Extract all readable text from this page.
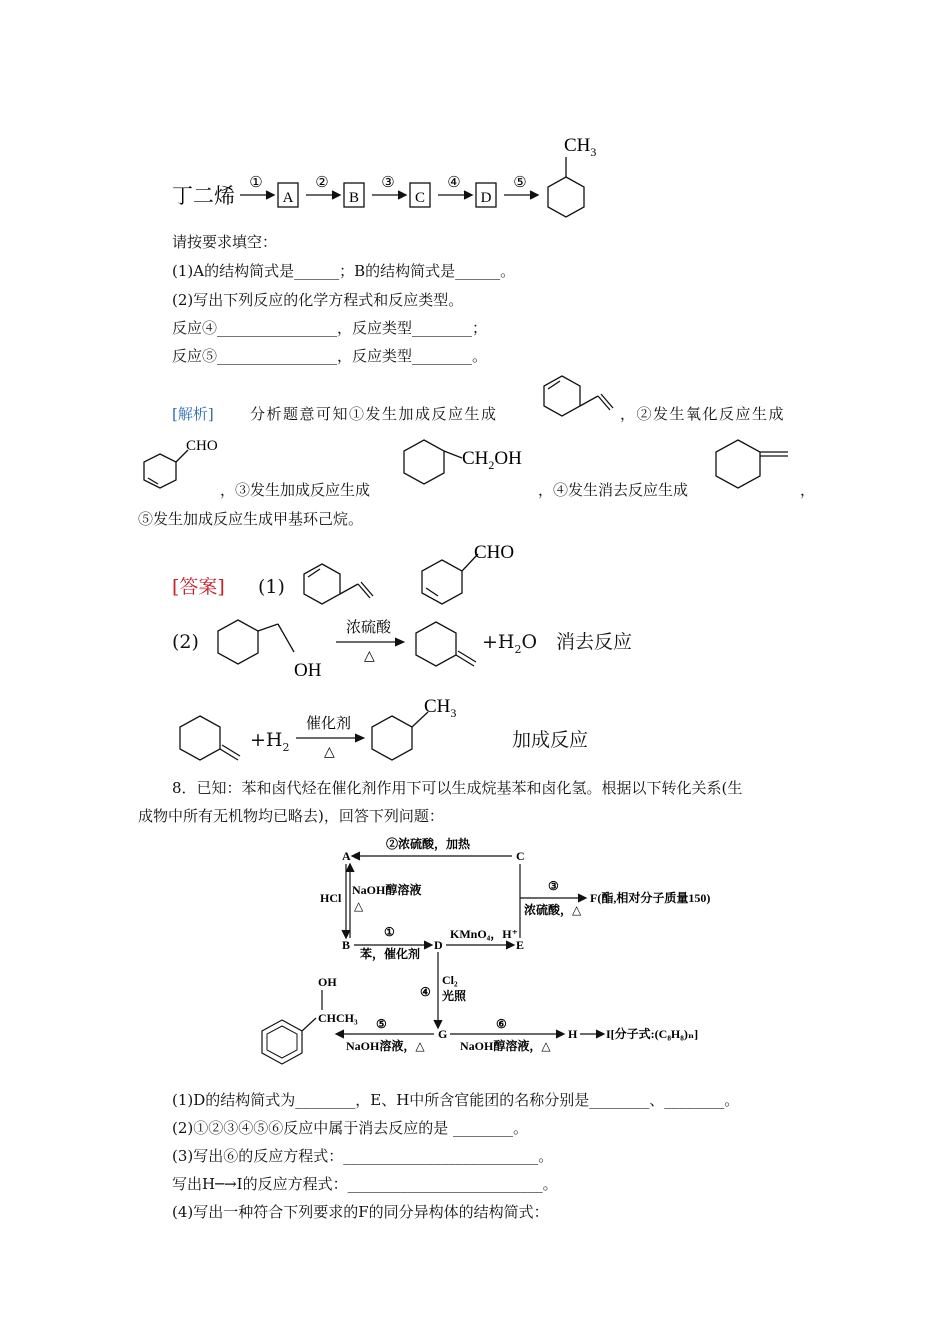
丁二烯
①	②	③	④	⑤
A	B	C	D
$CH_3$
请按要求填空：
(1)A的结构简式是______；B的结构简式是______。
(2)写出下列反应的化学方程式和反应类型。
反应④________________，反应类型________；
反应⑤________________，反应类型________。
[解析] 分析题意可知①发生加成反应生成	，②发生氧化反应生成
CHO
，③发生加成反应生成
$CH_2OH$
，④发生消去反应生成	，
⑤发生加成反应生成甲基环己烷。
[答案] (1)
CHO
(2)
OH
浓硫酸
△
$+H_2O$ 消去反应
$+H_2$
催化剂
△
$CH_3$
加成反应
8．已知：苯和卤代烃在催化剂作用下可以生成烷基苯和卤化氢。根据以下转化关系(生
成物中所有无机物均已略去)，回答下列问题：
A	C
B	D	E
F(酯,相对分子质量150)
G	H I[分子式:(C₈H₈)ₙ]
②浓硫酸，加热
HCl
NaOH醇溶液
△
①
苯，催化剂
KMnO₄，H⁺
③
浓硫酸，△
④
Cl₂
光照
OH
CHCH₃ ⑤
NaOH溶液，△
⑥
NaOH醇溶液，△
(1)D的结构简式为________，E、H中所含官能团的名称分别是________、________。
(2)①②③④⑤⑥反应中属于消去反应的是 ________。
(3)写出⑥的反应方程式：__________________________。
写出H─→I的反应方程式：__________________________。
(4)写出一种符合下列要求的F的同分异构体的结构简式：
